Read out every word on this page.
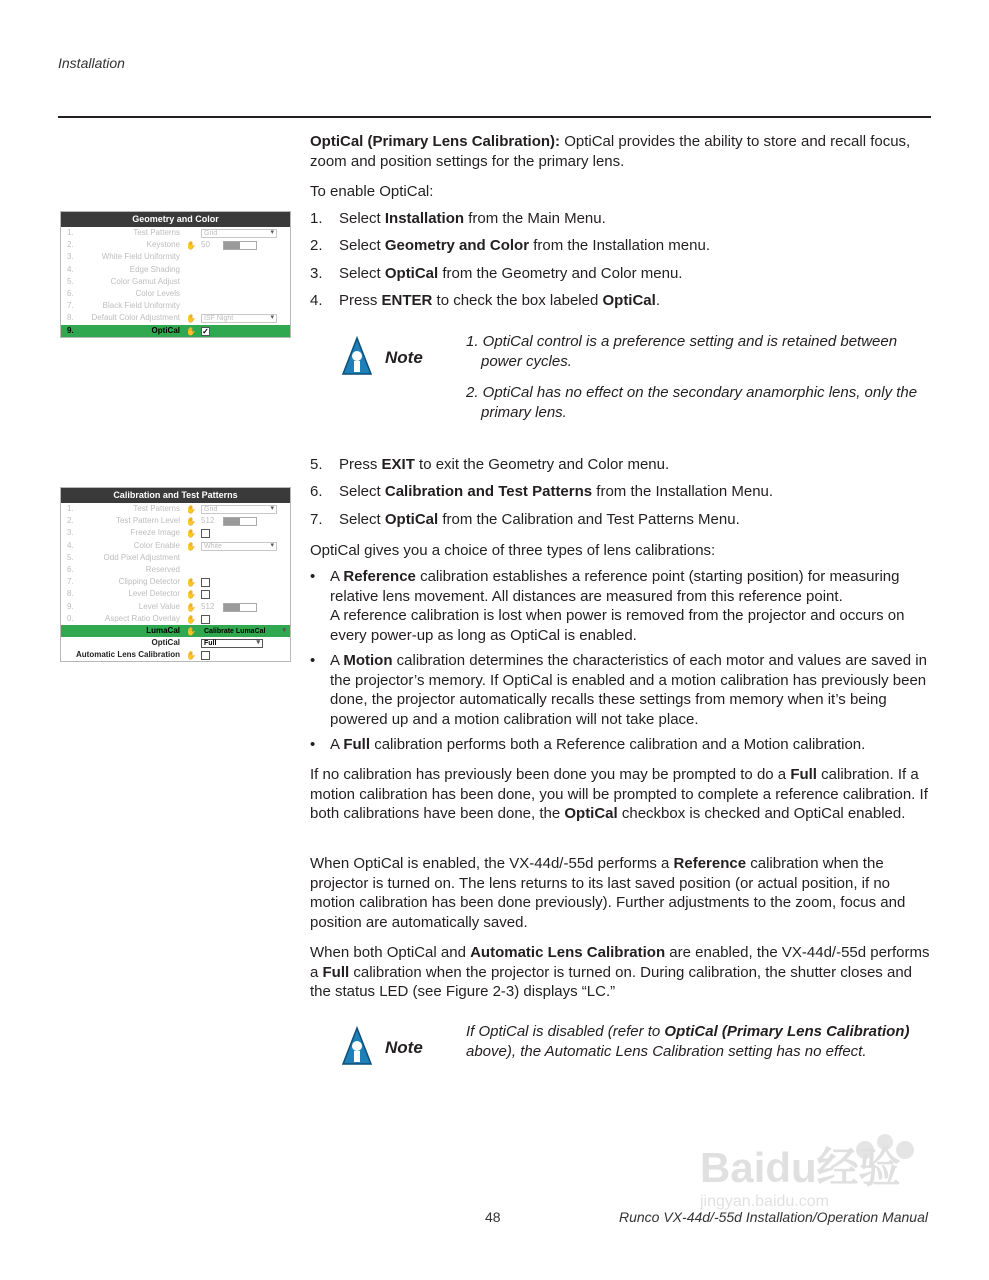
Installation

OptiCal (Primary Lens Calibration): OptiCal provides the ability to store and recall focus, zoom and position settings for the primary lens.

To enable OptiCal:
1. Select Installation from the Main Menu.
2. Select Geometry and Color from the Installation menu.
3. Select OptiCal from the Geometry and Color menu.
4. Press ENTER to check the box labeled OptiCal.
Note
1. OptiCal control is a preference setting and is retained between power cycles.
2. OptiCal has no effect on the secondary anamorphic lens, only the primary lens.
5. Press EXIT to exit the Geometry and Color menu.
6. Select Calibration and Test Patterns from the Installation Menu.
7. Select OptiCal from the Calibration and Test Patterns Menu.
OptiCal gives you a choice of three types of lens calibrations:
• A Reference calibration establishes a reference point (starting position) for measuring relative lens movement. All distances are measured from this reference point.
A reference calibration is lost when power is removed from the projector and occurs on every power-up as long as OptiCal is enabled.
• A Motion calibration determines the characteristics of each motor and values are saved in the projector’s memory. If OptiCal is enabled and a motion calibration has previously been done, the projector automatically recalls these settings from memory when it’s being powered up and a motion calibration will not take place.
• A Full calibration performs both a Reference calibration and a Motion calibration.
If no calibration has previously been done you may be prompted to do a Full calibration. If a motion calibration has been done, you will be prompted to complete a reference calibration. If both calibrations have been done, the OptiCal checkbox is checked and OptiCal enabled.
When OptiCal is enabled, the VX-44d/-55d performs a Reference calibration when the projector is turned on. The lens returns to its last saved position (or actual position, if no motion calibration has been done previously). Further adjustments to the zoom, focus and position are automatically saved.
When both OptiCal and Automatic Lens Calibration are enabled, the VX-44d/-55d performs a Full calibration when the projector is turned on. During calibration, the shutter closes and the status LED (see Figure 2-3) displays “LC.”
Note
If OptiCal is disabled (refer to OptiCal (Primary Lens Calibration) above), the Automatic Lens Calibration setting has no effect.
Geometry and Color
1.	Test Patterns	Grid ▾
2.	Keystone ✋ 50
3.	White Field Uniformity
4.	Edge Shading
5.	Color Gamut Adjust
6.	Color Levels
7.	Black Field Uniformity
8. Default Color Adjustment ✋	ISF Night ▾
9.	OptiCal ✋ ✓
Calibration and Test Patterns
1.	Test Patterns ✋	Grid ▾
2.	Test Pattern Level ✋ 512
3.	Freeze Image ✋
4.	Color Enable ✋	White ▾
5.	Odd Pixel Adjustment
6.	Reserved
7.	Clipping Detector ✋
8.	Level Detector ✋
9.	Level Value ✋ 512
0.	Aspect Ratio Overlay ✋
LumaCal ✋	Calibrate LumaCal ▾
OptiCal	Full ▾
Automatic Lens Calibration ✋
Baidu经验
jingyan.baidu.com
48	Runco VX-44d/-55d Installation/Operation Manual
